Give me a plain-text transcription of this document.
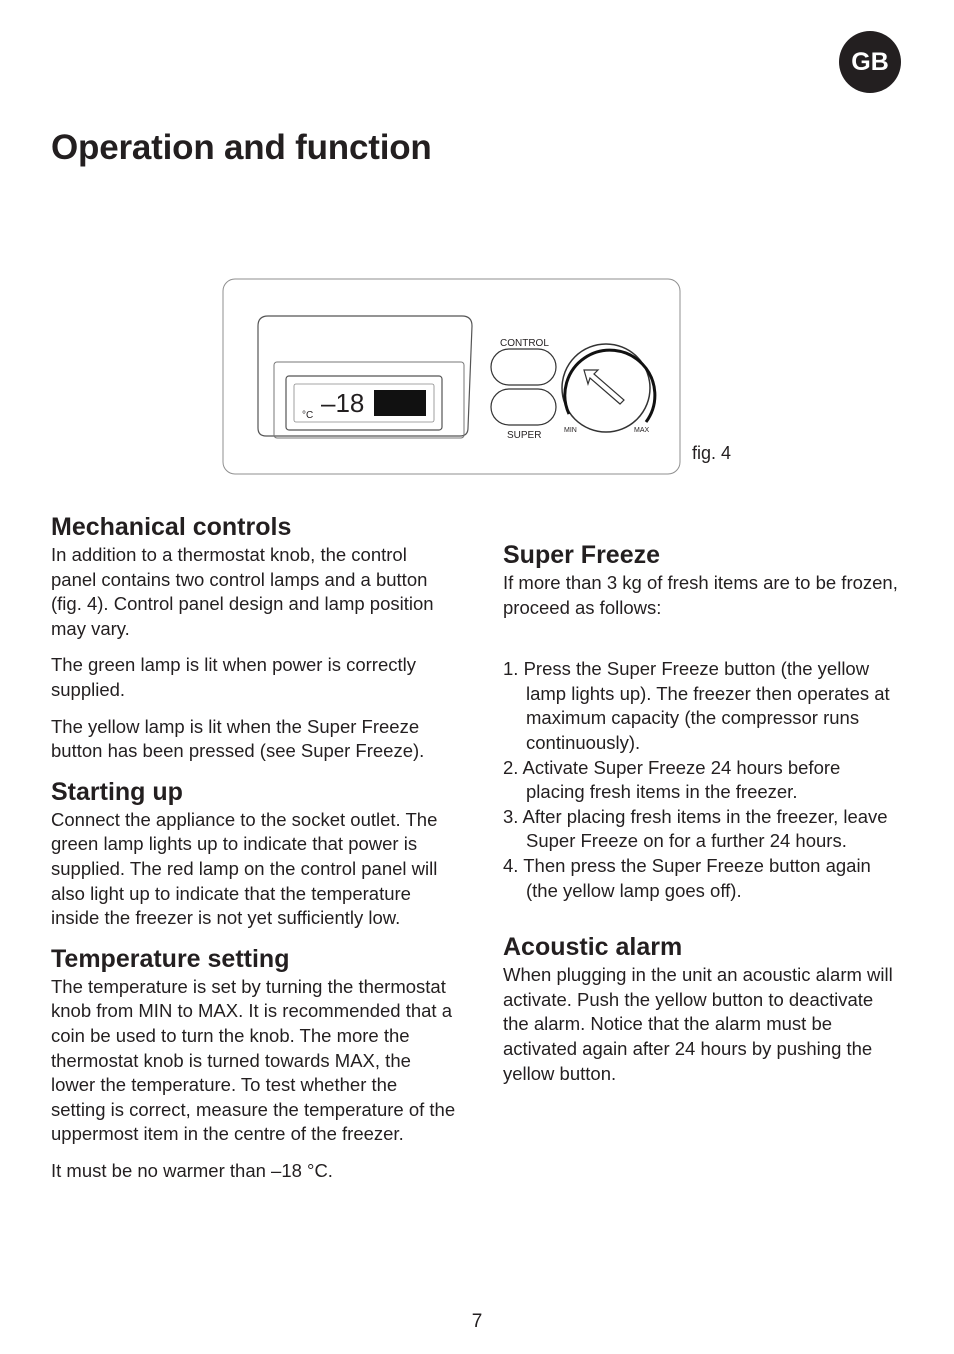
GB
Operation and function
°C –18
CONTROL
SUPER	MIN	MAX
fig. 4
Mechanical controls

In addition to a thermostat knob, the control panel contains two control lamps and a button (fig. 4). Control panel design and lamp position may vary.

The green lamp is lit when power is correctly supplied.

The yellow lamp is lit when the Super Freeze button has been pressed (see Super Freeze).

Starting up

Connect the appliance to the socket outlet. The green lamp lights up to indicate that power is supplied. The red lamp on the control panel will also light up to indicate that the temperature inside the freezer is not yet sufficiently low.

Temperature setting

The temperature is set by turning the thermostat knob from MIN to MAX. It is recommended that a coin be used to turn the knob. The more the thermostat knob is turned towards MAX, the lower the temperature. To test whether the setting is correct, measure the temperature of the uppermost item in the centre of the freezer.

It must be no warmer than –18 °C.

Super Freeze

If more than 3 kg of fresh items are to be frozen, proceed as follows:

1. Press the Super Freeze button (the yellow lamp lights up). The freezer then operates at maximum capacity (the compressor runs continuously).
2. Activate Super Freeze 24 hours before placing fresh items in the freezer.
3. After placing fresh items in the freezer, leave Super Freeze on for a further 24 hours.
4. Then press the Super Freeze button again (the yellow lamp goes off).
Acoustic alarm

When plugging in the unit an acoustic alarm will activate. Push the yellow button to deactivate the alarm. Notice that the alarm must be activated again after 24 hours by pushing the yellow button.

7
